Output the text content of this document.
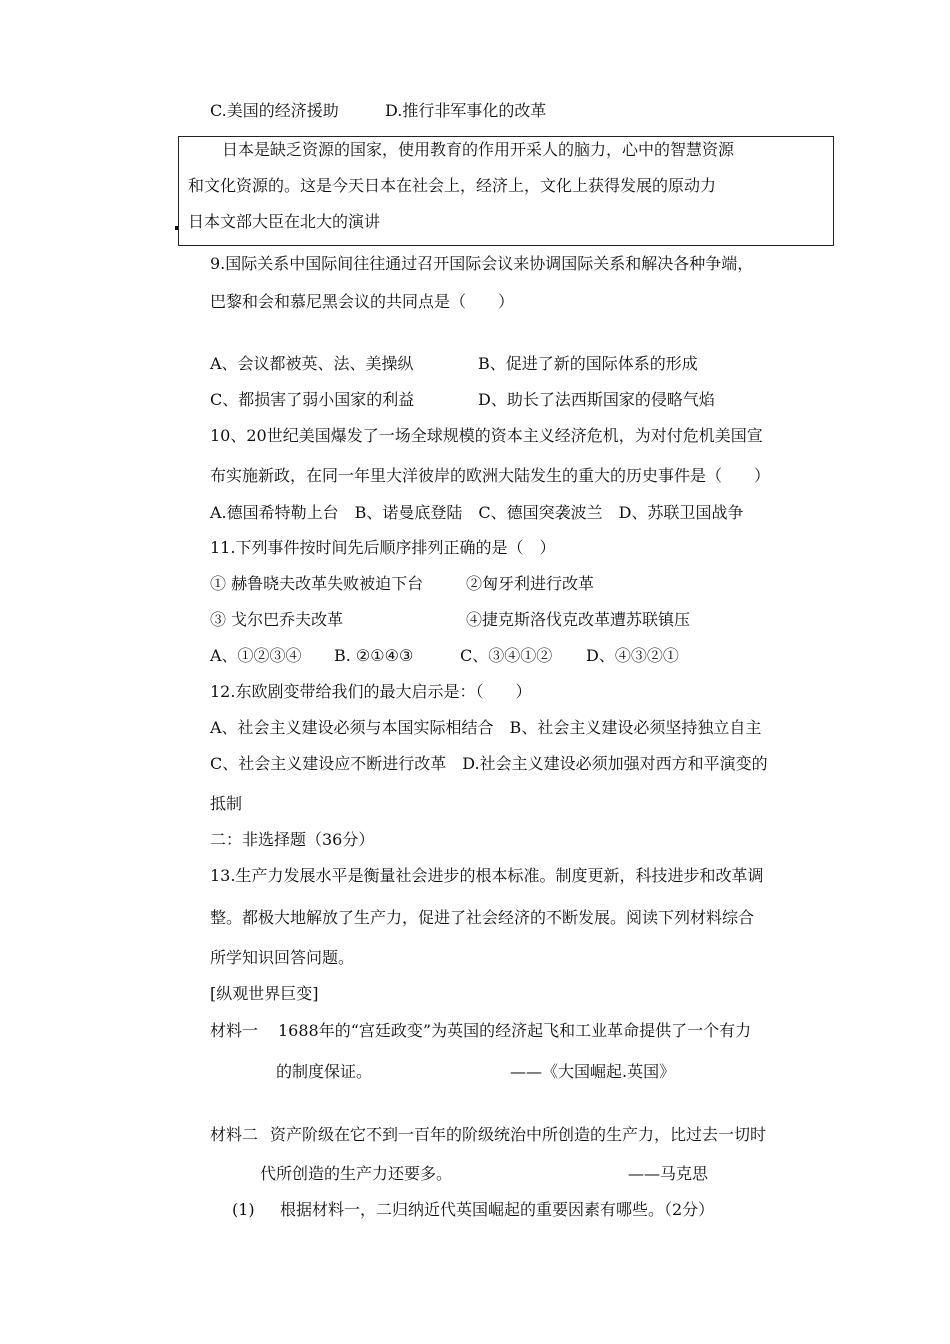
C.美国的经济援助	D.推行非军事化的改革
日本是缺乏资源的国家，使用教育的作用开采人的脑力，心中的智慧资源
和文化资源的。这是今天日本在社会上，经济上，文化上获得发展的原动力
日本文部大臣在北大的演讲
9.国际关系中国际间往往通过召开国际会议来协调国际关系和解决各种争端，
巴黎和会和慕尼黑会议的共同点是（　　）
A、会议都被英、法、美操纵	B、促进了新的国际体系的形成
C、都损害了弱小国家的利益	D、助长了法西斯国家的侵略气焰
10、20世纪美国爆发了一场全球规模的资本主义经济危机，为对付危机美国宣
布实施新政，在同一年里大洋彼岸的欧洲大陆发生的重大的历史事件是（　　）
A.德国希特勒上台　B、诺曼底登陆　C、德国突袭波兰　D、苏联卫国战争
11.下列事件按时间先后顺序排列正确的是（　）
① 赫鲁晓夫改革失败被迫下台	②匈牙利进行改革
③ 戈尔巴乔夫改革	④捷克斯洛伐克改革遭苏联镇压
A、①②③④ B. ②①④③	C、③④①② D、④③②①
12.东欧剧变带给我们的最大启示是：（　　）
A、社会主义建设必须与本国实际相结合　B、社会主义建设必须坚持独立自主
C、社会主义建设应不断进行改革　D.社会主义建设必须加强对西方和平演变的
抵制
二：非选择题（36分）
13.生产力发展水平是衡量社会进步的根本标准。制度更新，科技进步和改革调
整。都极大地解放了生产力，促进了社会经济的不断发展。阅读下列材料综合
所学知识回答问题。
[纵观世界巨变]
材料一 1688年的“宫廷政变”为英国的经济起飞和工业革命提供了一个有力
的制度保证。	——《大国崛起.英国》
材料二 资产阶级在它不到一百年的阶级统治中所创造的生产力，比过去一切时
代所创造的生产力还要多。	——马克思
(1) 根据材料一，二归纳近代英国崛起的重要因素有哪些。（2分）
